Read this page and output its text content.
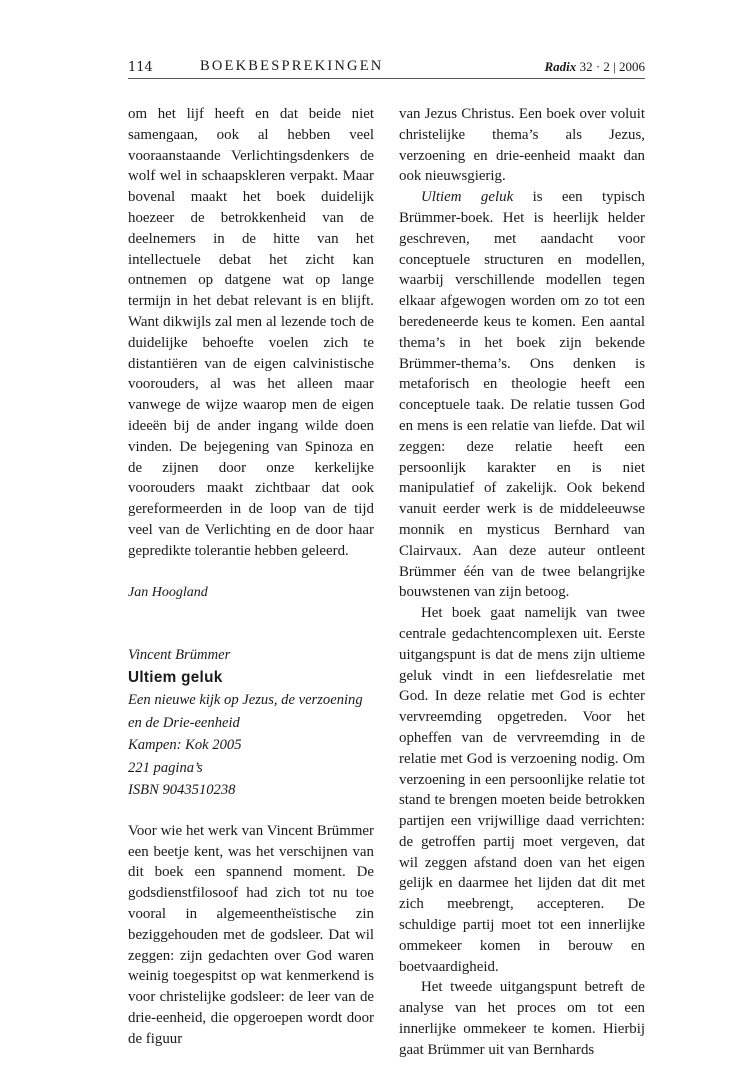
114	BOEKBESPREKINGEN	Radix 32 · 2 | 2006

om het lijf heeft en dat beide niet samengaan, ook al hebben veel vooraanstaande Verlichtingsdenkers de wolf wel in schaapskleren verpakt. Maar bovenal maakt het boek duidelijk hoezeer de betrokkenheid van de deelnemers in de hitte van het intellectuele debat het zicht kan ontnemen op datgene wat op lange termijn in het debat relevant is en blijft. Want dikwijls zal men al lezende toch de duidelijke behoefte voelen zich te distantiëren van de eigen calvinistische voorouders, al was het alleen maar vanwege de wijze waarop men de eigen ideeën bij de ander ingang wilde doen vinden. De bejegening van Spinoza en de zijnen door onze kerkelijke voorouders maakt zichtbaar dat ook gereformeerden in de loop van de tijd veel van de Verlichting en de door haar gepredikte tolerantie hebben geleerd.

Jan Hoogland

Vincent Brümmer
Ultiem geluk
Een nieuwe kijk op Jezus, de verzoening
en de Drie-eenheid
Kampen: Kok 2005
221 pagina’s
ISBN 9043510238

Voor wie het werk van Vincent Brümmer een beetje kent, was het verschijnen van dit boek een spannend moment. De godsdienstfilosoof had zich tot nu toe vooral in algemeentheïstische zin beziggehouden met de godsleer. Dat wil zeggen: zijn gedachten over God waren weinig toegespitst op wat kenmerkend is voor christelijke godsleer: de leer van de drie-eenheid, die opgeroepen wordt door de figuur

van Jezus Christus. Een boek over voluit christelijke thema’s als Jezus, verzoening en drie-eenheid maakt dan ook nieuwsgierig.

Ultiem geluk is een typisch Brümmer-boek. Het is heerlijk helder geschreven, met aandacht voor conceptuele structuren en modellen, waarbij verschillende modellen tegen elkaar afgewogen worden om zo tot een beredeneerde keus te komen. Een aantal thema’s in het boek zijn bekende Brümmer-thema’s. Ons denken is metaforisch en theologie heeft een conceptuele taak. De relatie tussen God en mens is een relatie van liefde. Dat wil zeggen: deze relatie heeft een persoonlijk karakter en is niet manipulatief of zakelijk. Ook bekend vanuit eerder werk is de middeleeuwse monnik en mysticus Bernhard van Clairvaux. Aan deze auteur ontleent Brümmer één van de twee belangrijke bouwstenen van zijn betoog.

Het boek gaat namelijk van twee centrale gedachtencomplexen uit. Eerste uitgangspunt is dat de mens zijn ultieme geluk vindt in een liefdesrelatie met God. In deze relatie met God is echter vervreemding opgetreden. Voor het opheffen van de vervreemding in de relatie met God is verzoening nodig. Om verzoening in een persoonlijke relatie tot stand te brengen moeten beide betrokken partijen een vrijwillige daad verrichten: de getroffen partij moet vergeven, dat wil zeggen afstand doen van het eigen gelijk en daarmee het lijden dat dit met zich meebrengt, accepteren. De schuldige partij moet tot een innerlijke ommekeer komen in berouw en boetvaardigheid.

Het tweede uitgangspunt betreft de analyse van het proces om tot een innerlijke ommekeer te komen. Hierbij gaat Brümmer uit van Bernhards
